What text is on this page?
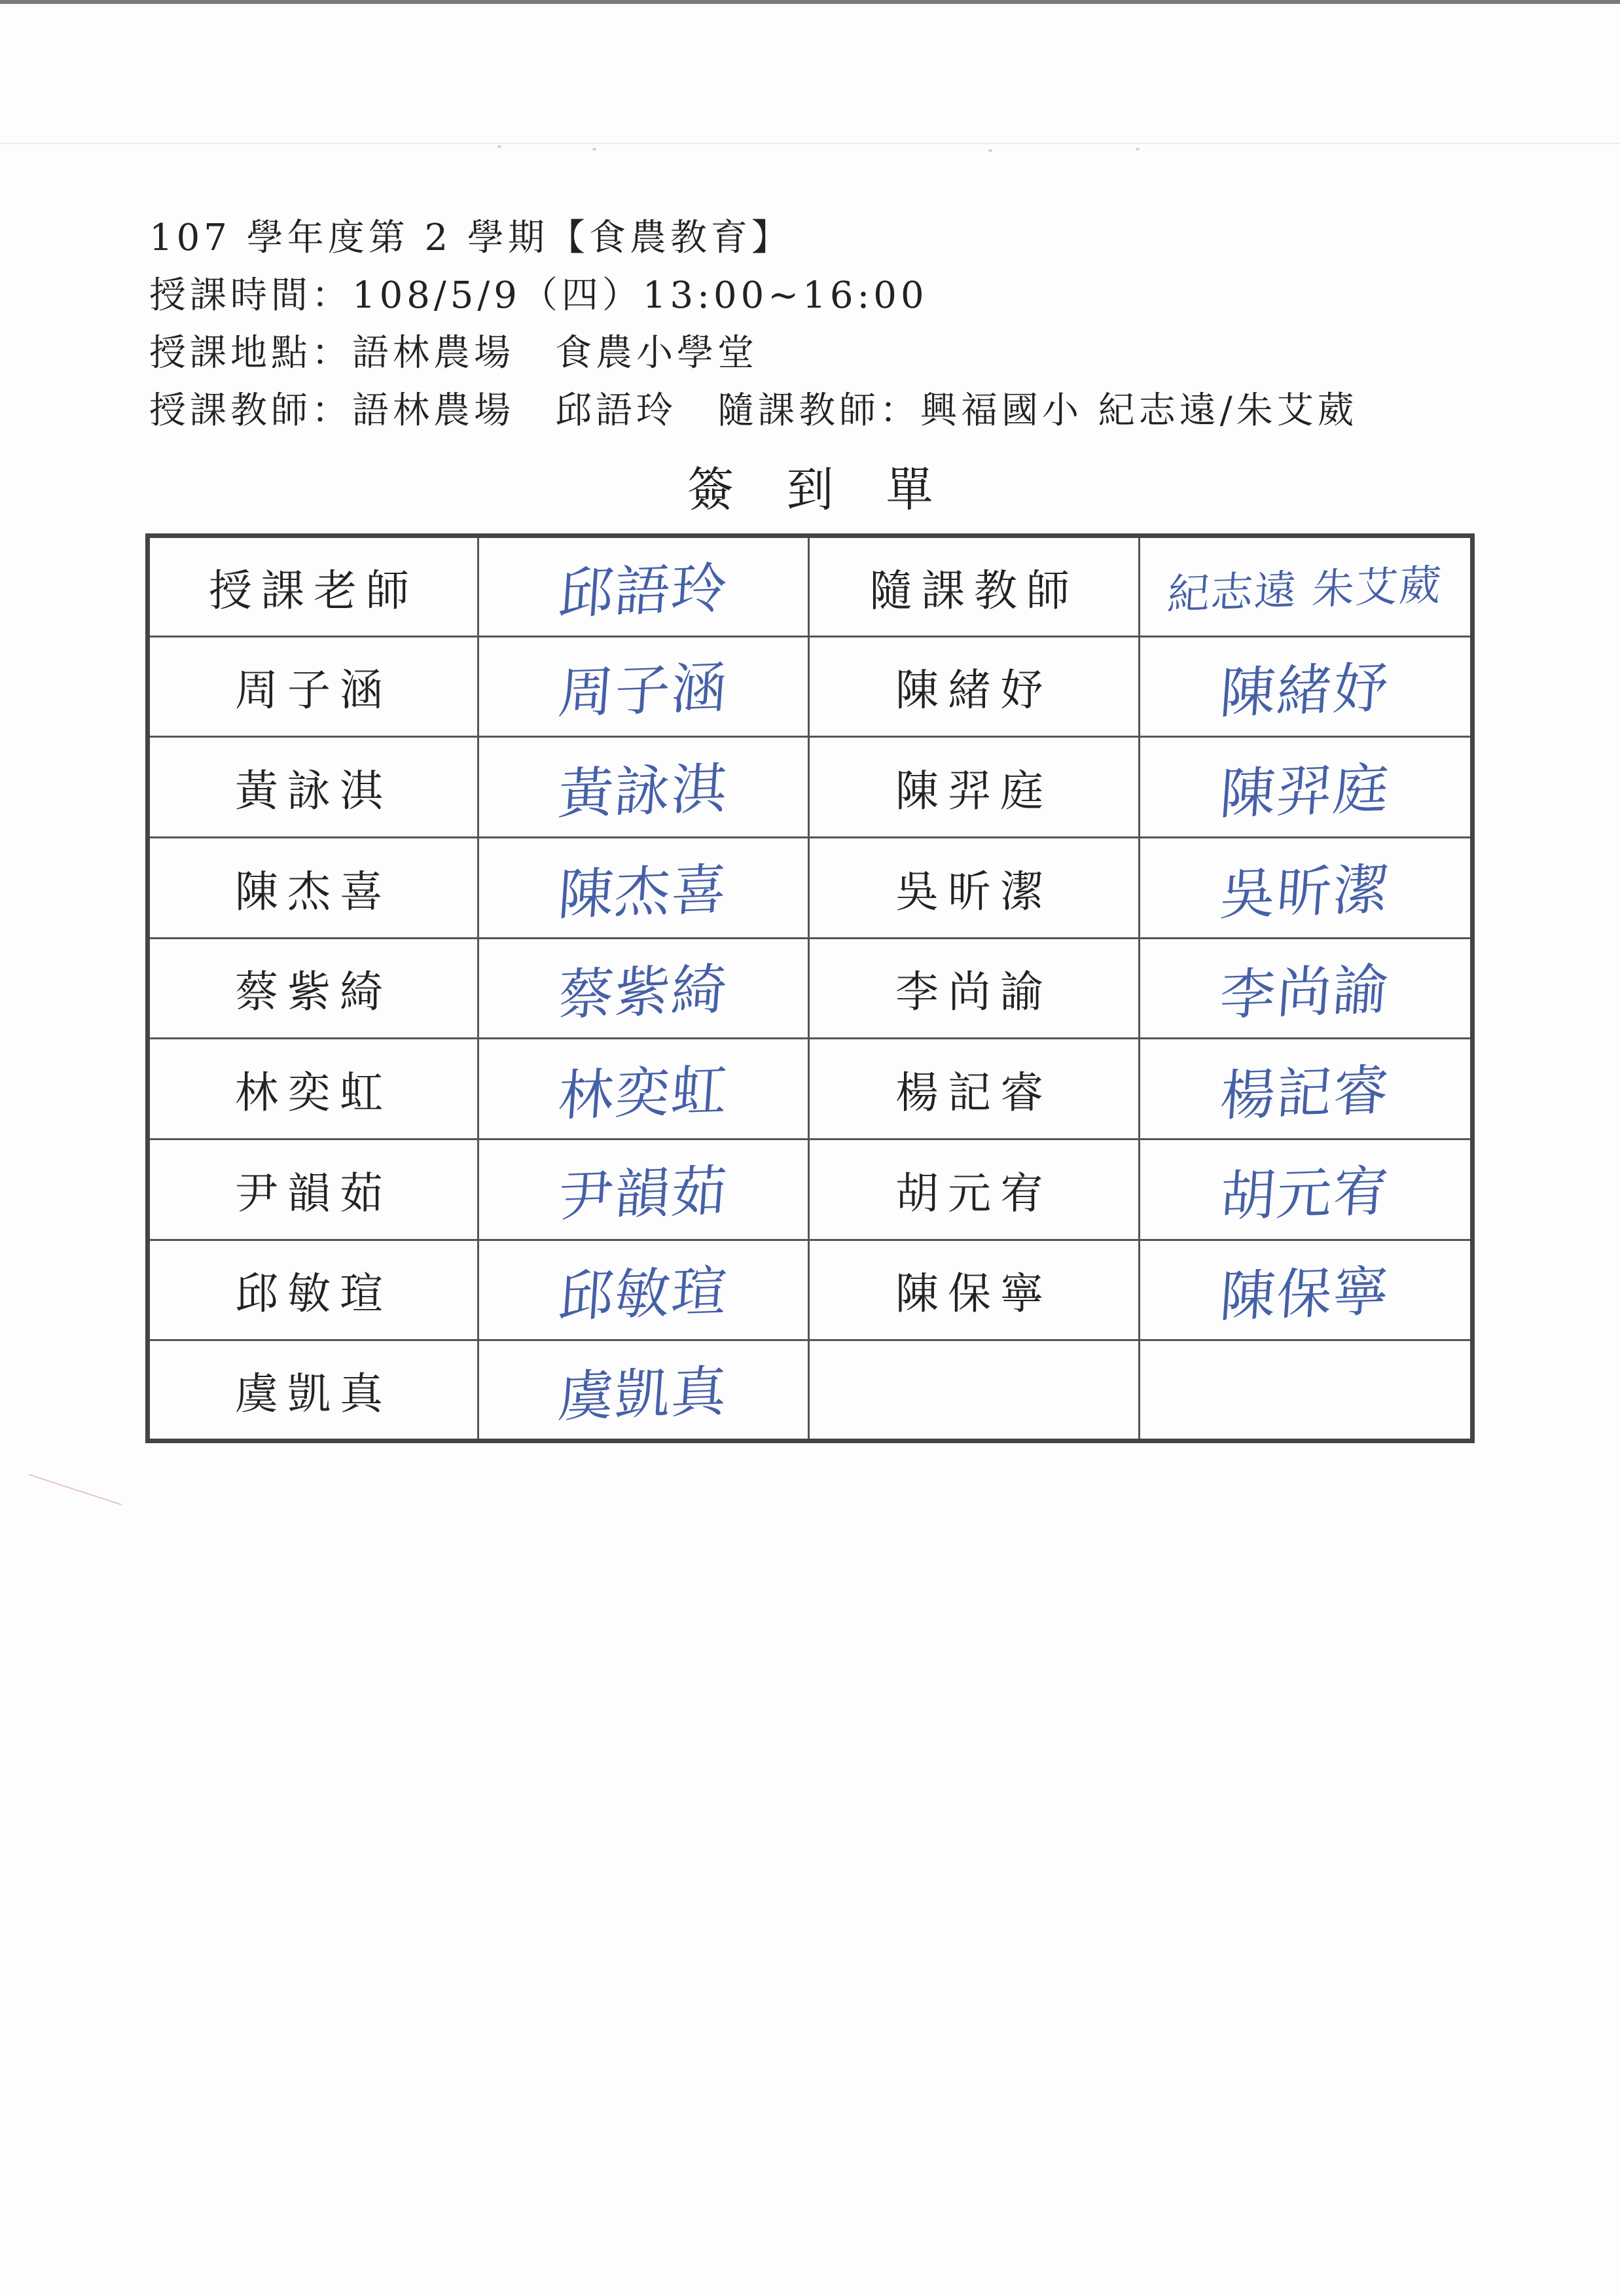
107 學年度第 2 學期【食農教育】
授課時間：108/5/9（四）13:00~16:00
授課地點：語林農場　食農小學堂
授課教師：語林農場　邱語玲　隨課教師：興福國小 紀志遠/朱艾葳
簽到單
授課老師	邱語玲	隨課教師	紀志遠 朱艾葳
周子涵	周子涵	陳緒妤	陳緒妤
黃詠淇	黃詠淇	陳羿庭	陳羿庭
陳杰喜	陳杰喜	吳昕潔	吳昕潔
蔡紫綺	蔡紫綺	李尚諭	李尚諭
林奕虹	林奕虹	楊記睿	楊記睿
尹韻茹	尹韻茹	胡元宥	胡元宥
邱敏瑄	邱敏瑄	陳保寧	陳保寧
虞凱真	虞凱真		
